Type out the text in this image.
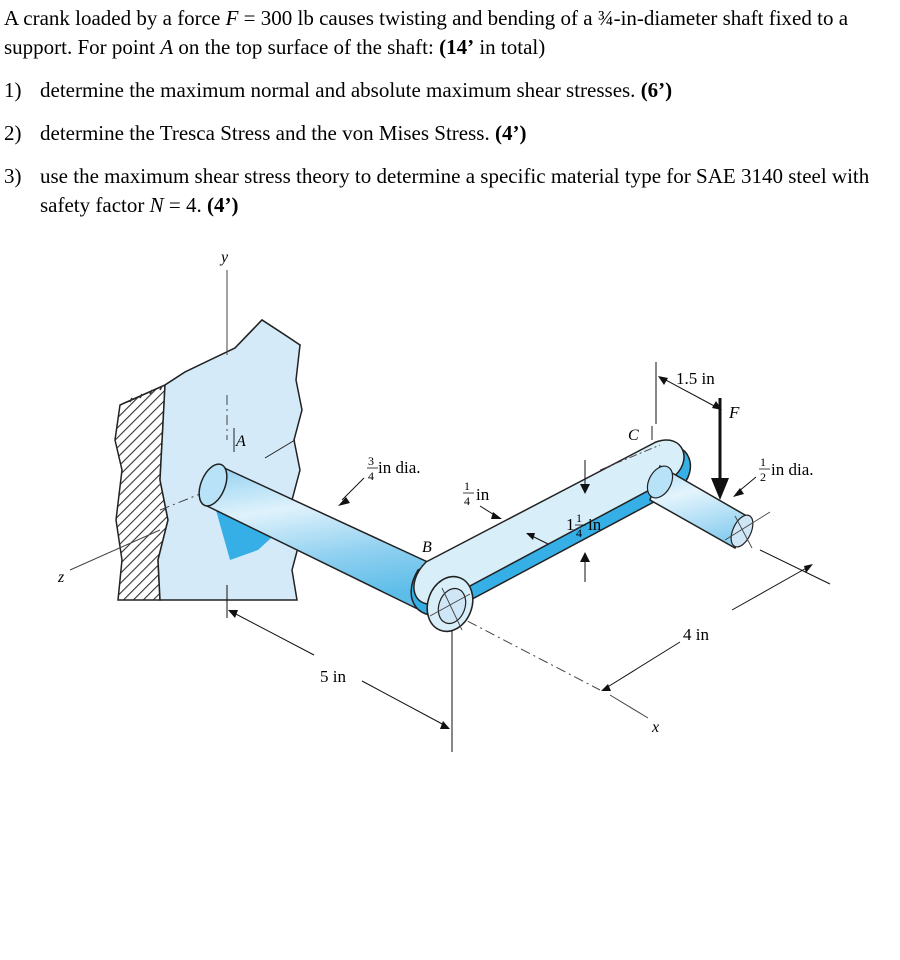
A crank loaded by a force F = 300 lb causes twisting and bending of a ¾-in-diameter shaft fixed to a support. For point A on the top surface of the shaft: (14’ in total)

1) determine the maximum normal and absolute maximum shear stresses. (6’)

2) determine the Tresca Stress and the von Mises Stress. (4’)

3) use the maximum shear stress theory to determine a specific material type for SAE 3140 steel with safety factor N = 4. (4’)

y
z
x
F
A
B
C
3
4 in dia.
1
4 in
1 1
4 in
1
2 in dia.
1.5 in
5 in
4 in
